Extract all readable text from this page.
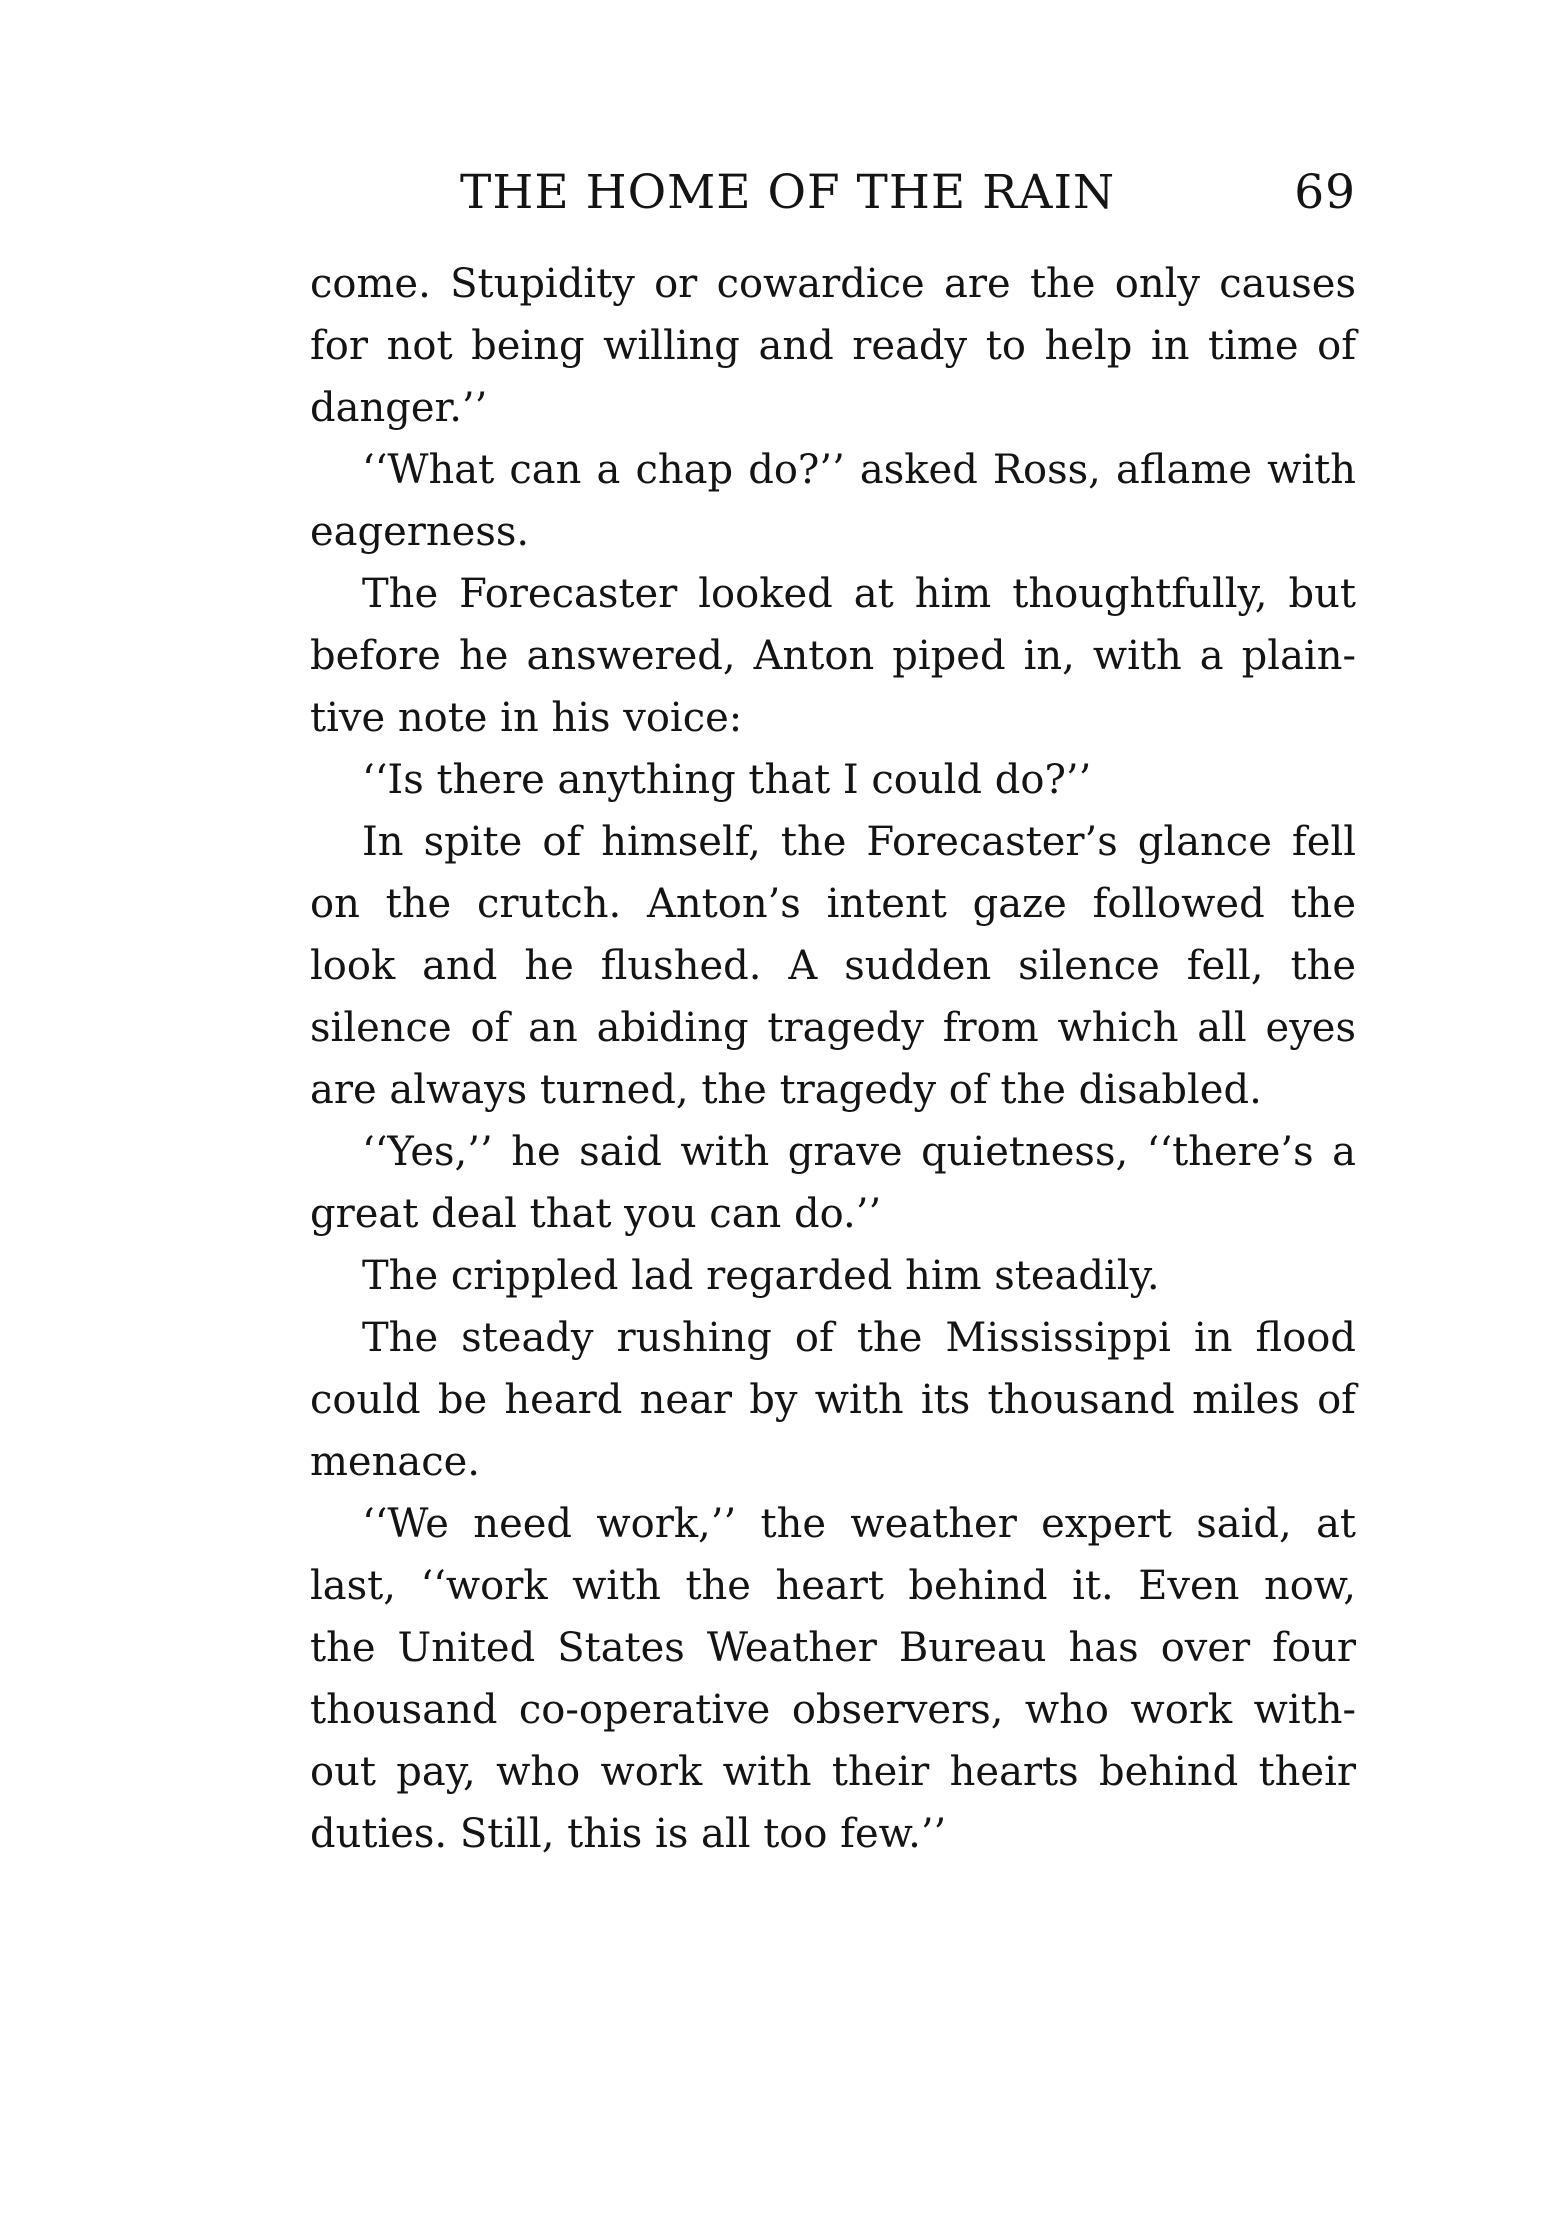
THE HOME OF THE RAIN	69
come. Stupidity or cowardice are the only causes
for not being willing and ready to help in time of
danger.’’
‘‘What can a chap do?’’ asked Ross, aflame with
eagerness.
The Forecaster looked at him thoughtfully, but
before he answered, Anton piped in, with a plain-
tive note in his voice:
‘‘Is there anything that I could do?’’
In spite of himself, the Forecaster’s glance fell
on the crutch. Anton’s intent gaze followed the
look and he flushed. A sudden silence fell, the
silence of an abiding tragedy from which all eyes
are always turned, the tragedy of the disabled.
‘‘Yes,’’ he said with grave quietness, ‘‘there’s a
great deal that you can do.’’
The crippled lad regarded him steadily.
The steady rushing of the Mississippi in flood
could be heard near by with its thousand miles of
menace.
‘‘We need work,’’ the weather expert said, at
last, ‘‘work with the heart behind it. Even now,
the United States Weather Bureau has over four
thousand co-operative observers, who work with-
out pay, who work with their hearts behind their
duties. Still, this is all too few.’’
